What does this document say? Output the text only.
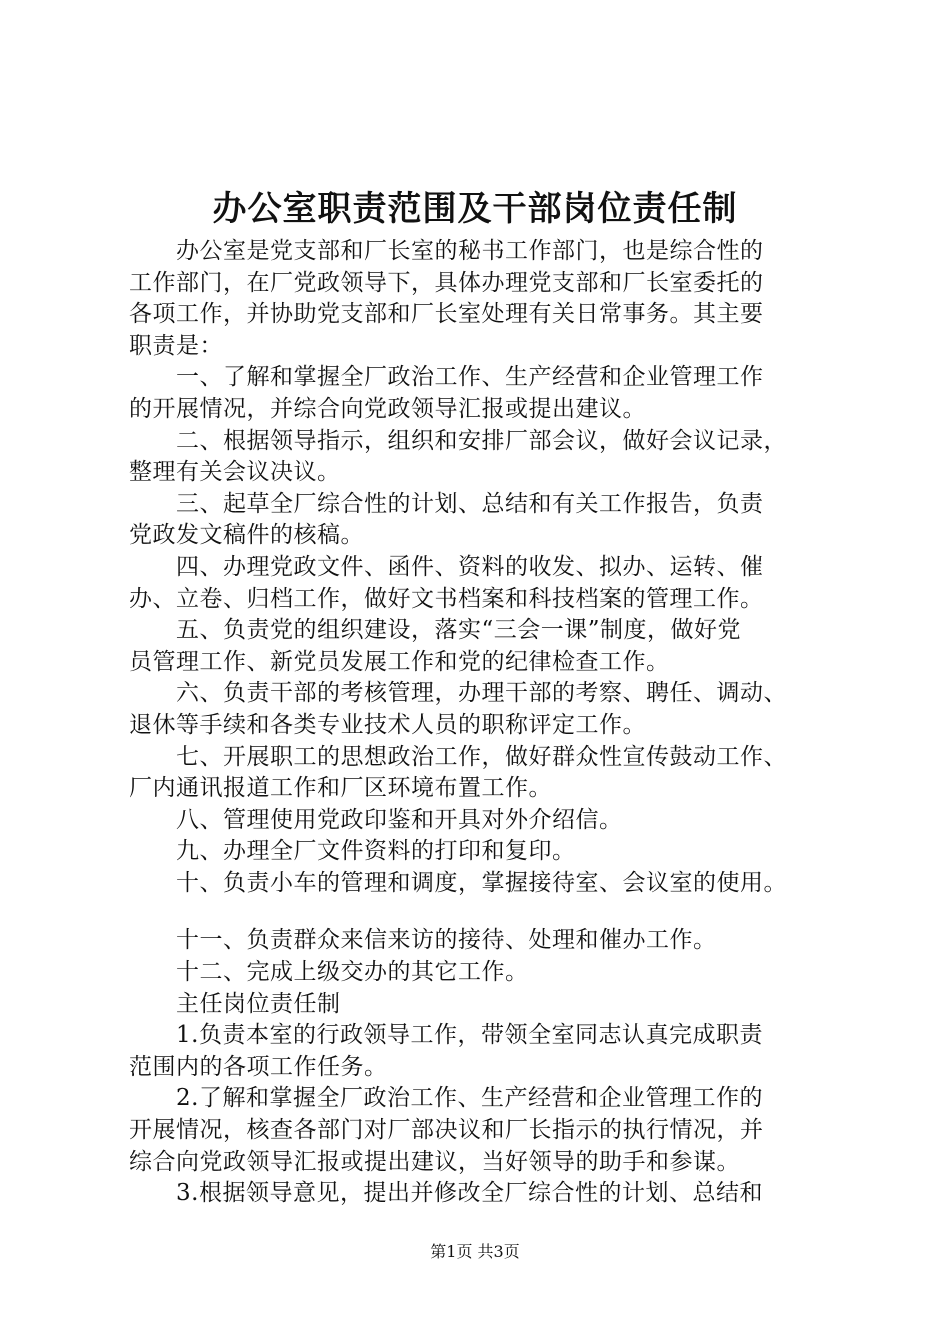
办公室职责范围及干部岗位责任制
　　办公室是党支部和厂长室的秘书工作部门，也是综合性的
工作部门，在厂党政领导下，具体办理党支部和厂长室委托的
各项工作，并协助党支部和厂长室处理有关日常事务。其主要
职责是：
　　一、了解和掌握全厂政治工作、生产经营和企业管理工作
的开展情况，并综合向党政领导汇报或提出建议。
　　二、根据领导指示，组织和安排厂部会议，做好会议记录，
整理有关会议决议。
　　三、起草全厂综合性的计划、总结和有关工作报告，负责
党政发文稿件的核稿。
　　四、办理党政文件、函件、资料的收发、拟办、运转、催
办、立卷、归档工作，做好文书档案和科技档案的管理工作。
　　五、负责党的组织建设，落实“三会一课”制度，做好党
员管理工作、新党员发展工作和党的纪律检查工作。
　　六、负责干部的考核管理，办理干部的考察、聘任、调动、
退休等手续和各类专业技术人员的职称评定工作。
　　七、开展职工的思想政治工作，做好群众性宣传鼓动工作、
厂内通讯报道工作和厂区环境布置工作。
　　八、管理使用党政印鉴和开具对外介绍信。
　　九、办理全厂文件资料的打印和复印。
　　十、负责小车的管理和调度，掌握接待室、会议室的使用。
　　十一、负责群众来信来访的接待、处理和催办工作。
　　十二、完成上级交办的其它工作。
　　主任岗位责任制
　　1.负责本室的行政领导工作，带领全室同志认真完成职责
范围内的各项工作任务。
　　2.了解和掌握全厂政治工作、生产经营和企业管理工作的
开展情况，核查各部门对厂部决议和厂长指示的执行情况，并
综合向党政领导汇报或提出建议，当好领导的助手和参谋。
　　3.根据领导意见，提出并修改全厂综合性的计划、总结和
第1页 共3页
